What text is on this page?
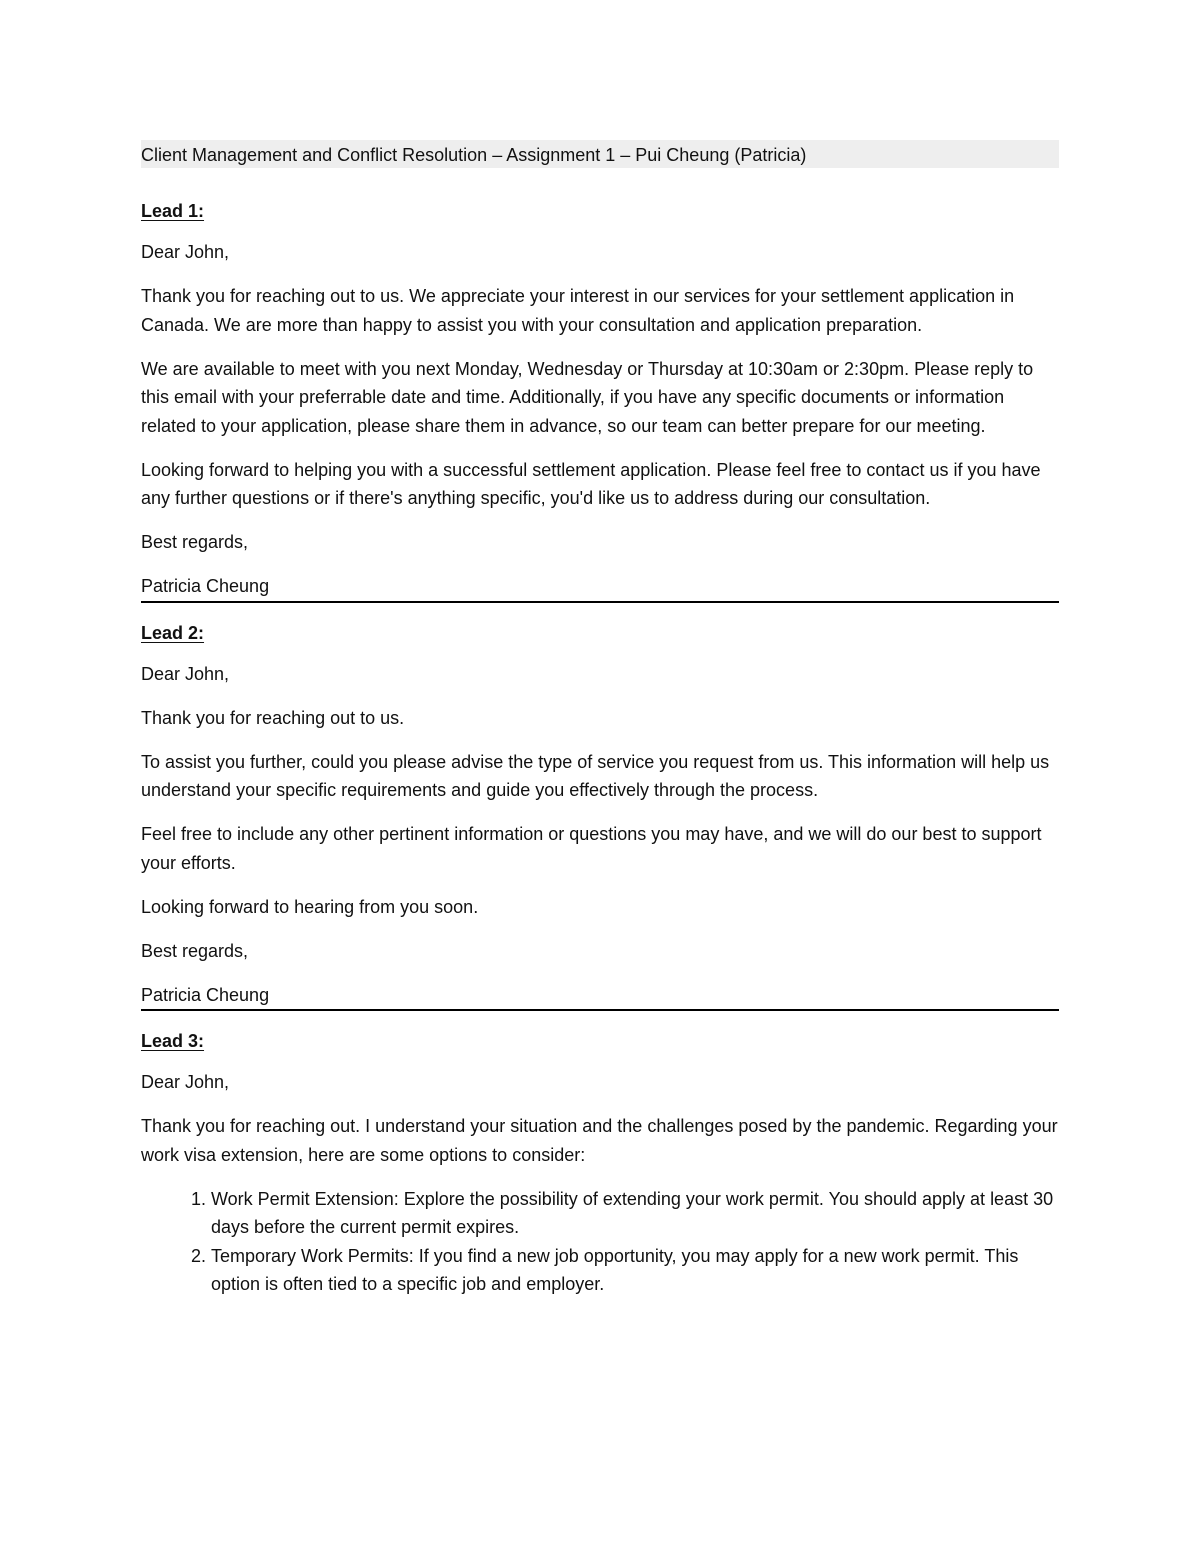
Client Management and Conflict Resolution – Assignment 1 – Pui Cheung (Patricia)
Lead 1:

Dear John,

Thank you for reaching out to us. We appreciate your interest in our services for your settlement application in Canada. We are more than happy to assist you with your consultation and application preparation.

We are available to meet with you next Monday, Wednesday or Thursday at 10:30am or 2:30pm. Please reply to this email with your preferrable date and time. Additionally, if you have any specific documents or information related to your application, please share them in advance, so our team can better prepare for our meeting.

Looking forward to helping you with a successful settlement application. Please feel free to contact us if you have any further questions or if there's anything specific, you'd like us to address during our consultation.

Best regards,

Patricia Cheung

Lead 2:

Dear John,

Thank you for reaching out to us.

To assist you further, could you please advise the type of service you request from us. This information will help us understand your specific requirements and guide you effectively through the process.

Feel free to include any other pertinent information or questions you may have, and we will do our best to support your efforts.

Looking forward to hearing from you soon.

Best regards,

Patricia Cheung

Lead 3:

Dear John,

Thank you for reaching out. I understand your situation and the challenges posed by the pandemic. Regarding your work visa extension, here are some options to consider:

1. Work Permit Extension: Explore the possibility of extending your work permit. You should apply at least 30 days before the current permit expires.
2. Temporary Work Permits: If you find a new job opportunity, you may apply for a new work permit. This option is often tied to a specific job and employer.
